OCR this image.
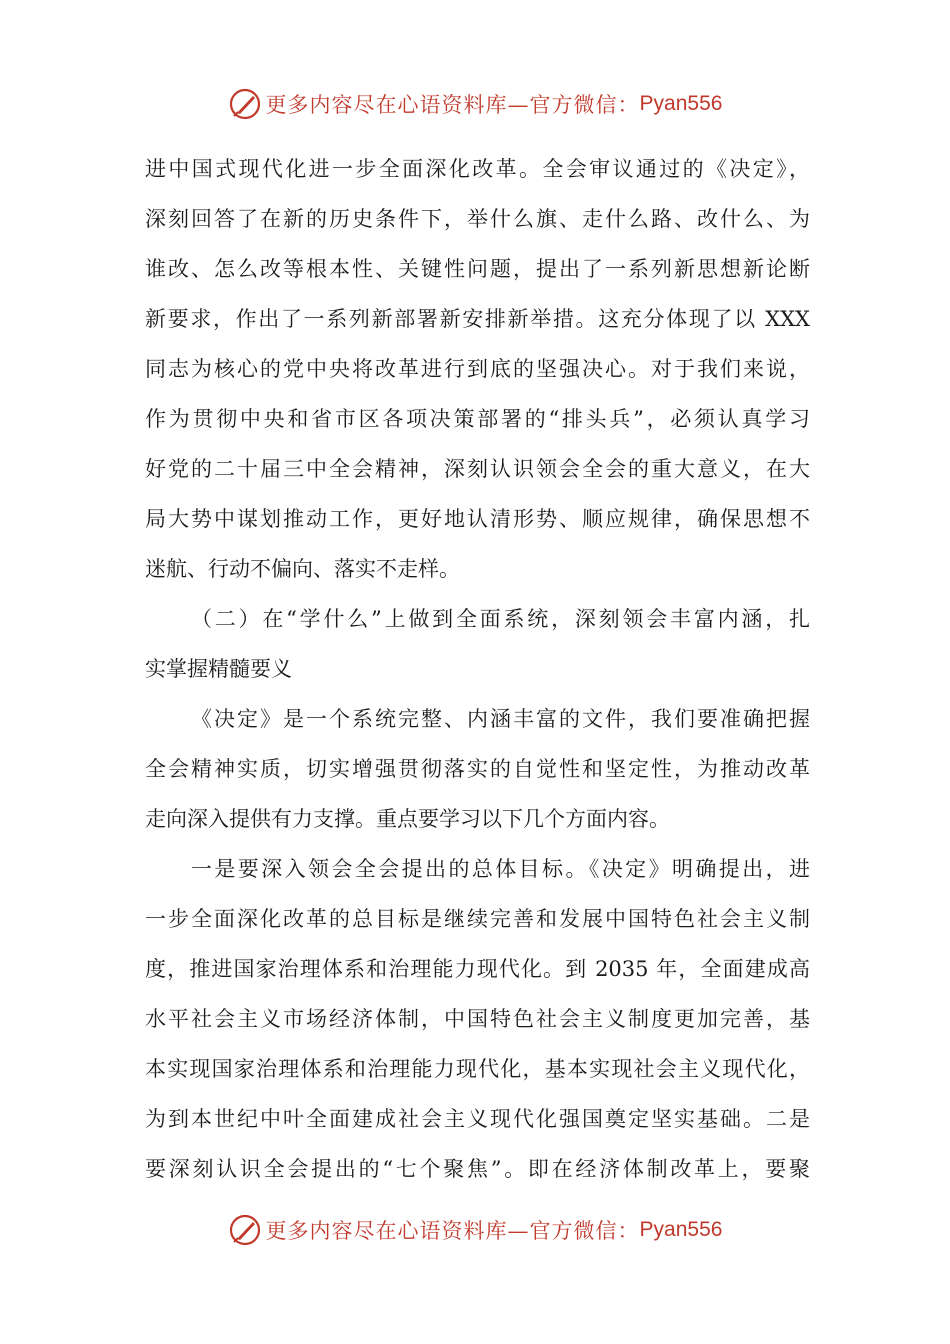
更多内容尽在心语资料库—官方微信： Pyan556
进中国式现代化进一步全面深化改革。全会审议通过的《决定》，
深刻回答了在新的历史条件下，举什么旗、走什么路、改什么、为
谁改、怎么改等根本性、关键性问题，提出了一系列新思想新论断
新要求，作出了一系列新部署新安排新举措。这充分体现了以 XXX
同志为核心的党中央将改革进行到底的坚强决心。对于我们来说，
作为贯彻中央和省市区各项决策部署的“排头兵”，必须认真学习
好党的二十届三中全会精神，深刻认识领会全会的重大意义，在大
局大势中谋划推动工作，更好地认清形势、顺应规律，确保思想不
迷航、行动不偏向、落实不走样。
（二）在“学什么”上做到全面系统，深刻领会丰富内涵，扎
实掌握精髓要义
《决定》是一个系统完整、内涵丰富的文件，我们要准确把握
全会精神实质，切实增强贯彻落实的自觉性和坚定性，为推动改革
走向深入提供有力支撑。重点要学习以下几个方面内容。
一是要深入领会全会提出的总体目标。《决定》明确提出，进
一步全面深化改革的总目标是继续完善和发展中国特色社会主义制
度，推进国家治理体系和治理能力现代化。到 2035 年，全面建成高
水平社会主义市场经济体制，中国特色社会主义制度更加完善，基
本实现国家治理体系和治理能力现代化，基本实现社会主义现代化，
为到本世纪中叶全面建成社会主义现代化强国奠定坚实基础。二是
要深刻认识全会提出的“七个聚焦”。即在经济体制改革上，要聚
更多内容尽在心语资料库—官方微信： Pyan556
